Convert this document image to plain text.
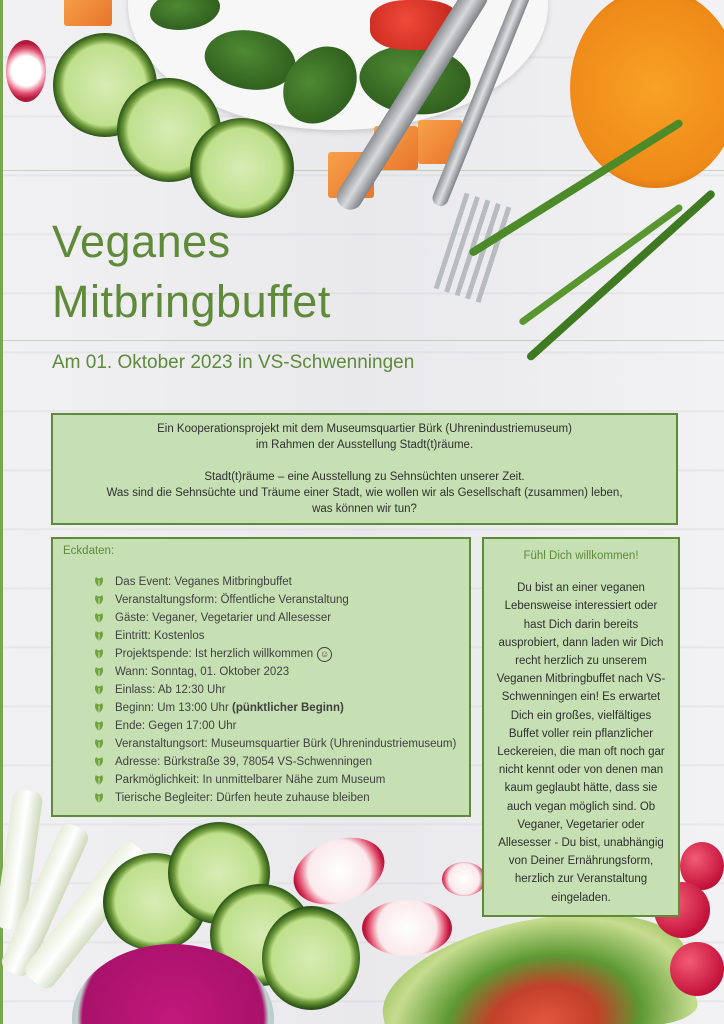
Veganes
Mitbringbuffet
Am 01. Oktober 2023 in VS-Schwenningen

Ein Kooperationsprojekt mit dem Museumsquartier Bürk (Uhrenindustriemuseum)

im Rahmen der Ausstellung Stadt(t)räume.

Stadt(t)räume – eine Ausstellung zu Sehnsüchten unserer Zeit.

Was sind die Sehnsüchte und Träume einer Stadt, wie wollen wir als Gesellschaft (zusammen) leben,

was können wir tun?

Eckdaten:
Das Event: Veganes Mitbringbuffet
Veranstaltungsform: Öffentliche Veranstaltung
Gäste: Veganer, Vegetarier und Allesesser
Eintritt: Kostenlos
Projektspende: Ist herzlich willkommen ☺
Wann: Sonntag, 01. Oktober 2023
Einlass: Ab 12:30 Uhr
Beginn: Um 13:00 Uhr
(pünktlicher Beginn)
Ende: Gegen 17:00 Uhr
Veranstaltungsort: Museumsquartier Bürk (Uhrenindustriemuseum)
Adresse: Bürkstraße 39, 78054 VS-Schwenningen
Parkmöglichkeit: In unmittelbarer Nähe zum Museum
Tierische Begleiter: Dürfen heute zuhause bleiben
Fühl Dich willkommen!
Du bist an einer veganen
Lebensweise interessiert oder
hast Dich darin bereits
ausprobiert, dann laden wir Dich
recht herzlich zu unserem
Veganen Mitbringbuffet nach VS-
Schwenningen ein! Es erwartet
Dich ein großes, vielfältiges
Buffet voller rein pflanzlicher
Leckereien, die man oft noch gar
nicht kennt oder von denen man
kaum geglaubt hätte, dass sie
auch vegan möglich sind. Ob
Veganer, Vegetarier oder
Allesesser - Du bist, unabhängig
von Deiner Ernährungsform,
herzlich zur Veranstaltung
eingeladen.
